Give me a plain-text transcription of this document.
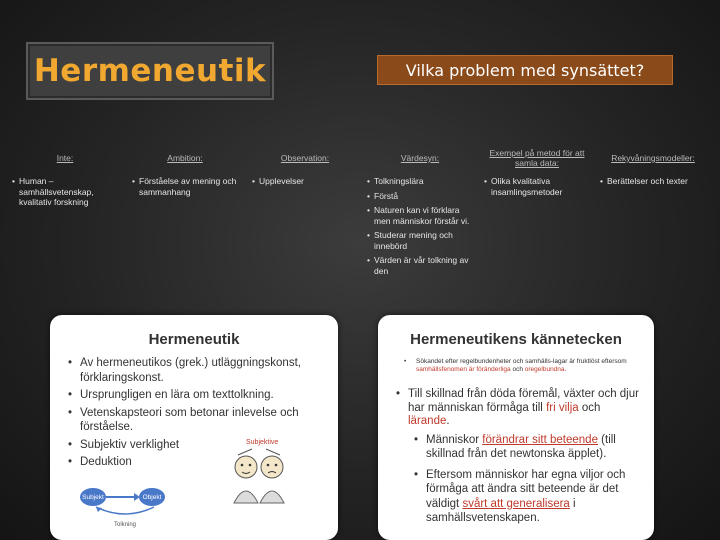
Hermeneutik	Vilka problem med synsättet?
Inte:
• Human – samhällsvetenskap, kvalitativ forskning
Ambition:
• Förståelse av mening och sammanhang
Observation:
• Upplevelser
Värdesyn:
• Tolkningslära
• Förstå
• Naturen kan vi förklara men människor förstår vi.
• Studerar mening och innebörd
• Värden är vår tolkning av den
Exempel på metod för att samla data:
• Olika kvalitativa insamlingsmetoder
Rekyvåningsmodeller:
• Berättelser och texter
Hermeneutik
• Av hermeneutikos (grek.) utläggningskonst, förklaringskonst.
• Ursprungligen en lära om texttolkning.
• Vetenskapsteori som betonar inlevelse och förståelse.
• Subjektiv verklighet
• Deduktion
Subjektive
Subjekt	Objekt
Tolkning
Hermeneutikens kännetecken
• Sökandet efter regelbundenheter och samhälls-lagar är fruktlöst eftersom samhällsfenomen är föränderliga och oregelbundna.
• Till skillnad från döda föremål, växter och djur har människan förmåga till fri vilja och lärande.
• Människor förändrar sitt beteende (till skillnad från det newtonska äpplet).
• Eftersom människor har egna viljor och förmåga att ändra sitt beteende är det väldigt svårt att generalisera i samhällsvetenskapen.
